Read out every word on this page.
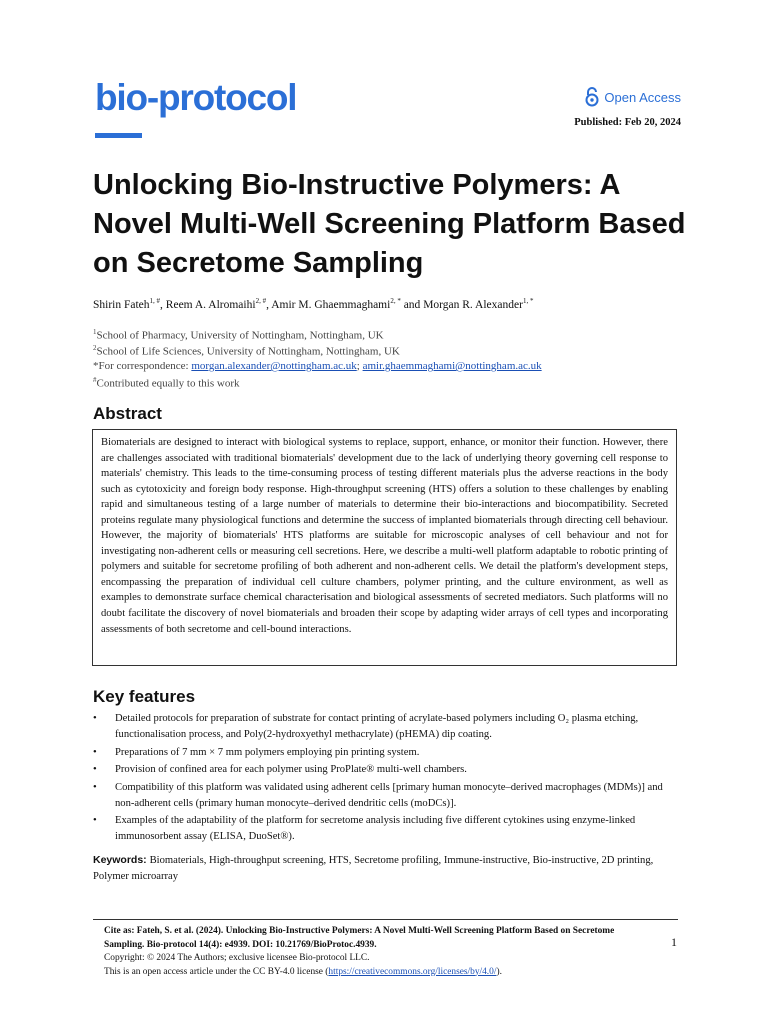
bio-protocol	Open Access
Published: Feb 20, 2024
Unlocking Bio-Instructive Polymers: A Novel Multi-Well Screening Platform Based on Secretome Sampling
Shirin Fateh$^{1, \#}$, Reem A. Alromaihi$^{2, \#}$, Amir M. Ghaemmaghami$^{2, *}$ and Morgan R. Alexander$^{1, *}$
$^1$School of Pharmacy, University of Nottingham, Nottingham, UK
$^2$School of Life Sciences, University of Nottingham, Nottingham, UK
*For correspondence: morgan.alexander@nottingham.ac.uk; amir.ghaemmaghami@nottingham.ac.uk
#Contributed equally to this work
Abstract

Biomaterials are designed to interact with biological systems to replace, support, enhance, or monitor their function. However, there are challenges associated with traditional biomaterials' development due to the lack of underlying theory governing cell response to materials' chemistry. This leads to the time-consuming process of testing different materials plus the adverse reactions in the body such as cytotoxicity and foreign body response. High-throughput screening (HTS) offers a solution to these challenges by enabling rapid and simultaneous testing of a large number of materials to determine their bio-interactions and biocompatibility. Secreted proteins regulate many physiological functions and determine the success of implanted biomaterials through directing cell behaviour. However, the majority of biomaterials' HTS platforms are suitable for microscopic analyses of cell behaviour and not for investigating non-adherent cells or measuring cell secretions. Here, we describe a multi-well platform adaptable to robotic printing of polymers and suitable for secretome profiling of both adherent and non-adherent cells. We detail the platform's development steps, encompassing the preparation of individual cell culture chambers, polymer printing, and the culture environment, as well as examples to demonstrate surface chemical characterisation and biological assessments of secreted mediators. Such platforms will no doubt facilitate the discovery of novel biomaterials and broaden their scope by adapting wider arrays of cell types and incorporating assessments of both secretome and cell-bound interactions.

Key features
• Detailed protocols for preparation of substrate for contact printing of acrylate-based polymers including O₂ plasma etching, functionalisation process, and Poly(2-hydroxyethyl methacrylate) (pHEMA) dip coating.
• Preparations of 7 mm × 7 mm polymers employing pin printing system.
• Provision of confined area for each polymer using ProPlate® multi-well chambers.
• Compatibility of this platform was validated using adherent cells [primary human monocyte–derived macrophages (MDMs)] and non-adherent cells (primary human monocyte–derived dendritic cells (moDCs)].
• Examples of the adaptability of the platform for secretome analysis including five different cytokines using enzyme-linked immunosorbent assay (ELISA, DuoSet®).
Keywords: Biomaterials, High-throughput screening, HTS, Secretome profiling, Immune-instructive, Bio-instructive, 2D printing, Polymer microarray
Cite as: Fateh, S. et al. (2024). Unlocking Bio-Instructive Polymers: A Novel Multi-Well Screening Platform Based on Secretome Sampling. Bio-protocol 14(4): e4939. DOI: 10.21769/BioProtoc.4939.
Copyright: © 2024 The Authors; exclusive licensee Bio-protocol LLC.
This is an open access article under the CC BY-4.0 license (https://creativecommons.org/licenses/by/4.0/).
1
